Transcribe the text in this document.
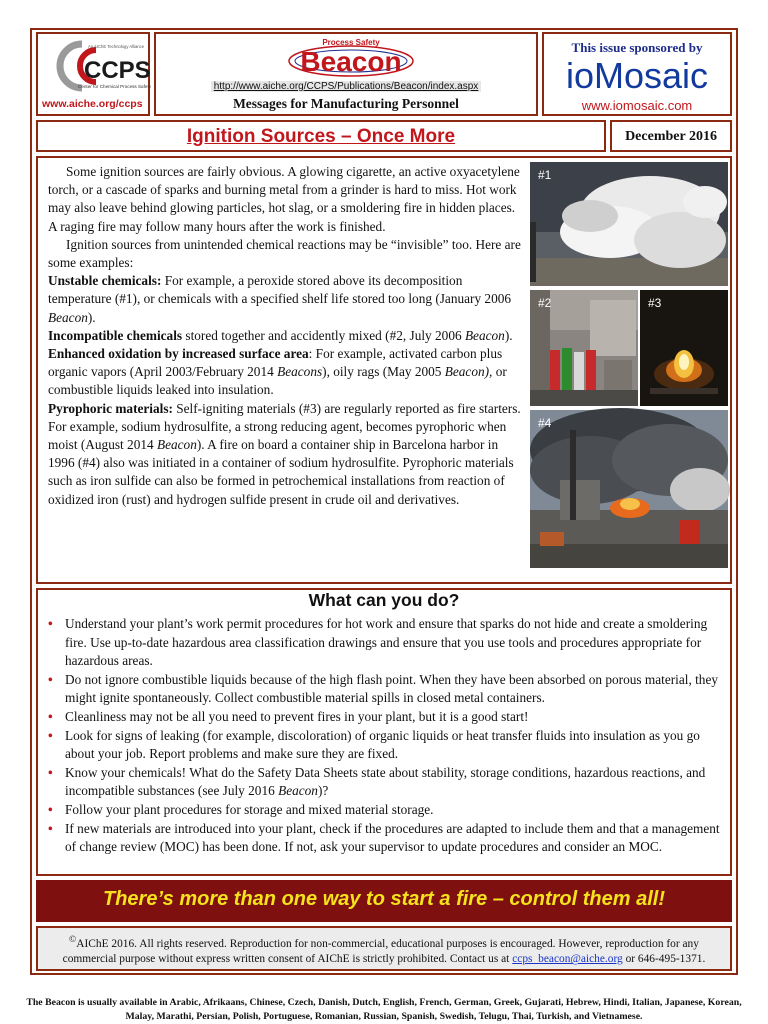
An AIChE Technology Alliance
CCPS
Center for Chemical Process Safety
www.aiche.org/ccps
Process Safety
Beacon
http://www.aiche.org/CCPS/Publications/Beacon/index.aspx
Messages for Manufacturing Personnel
This issue sponsored by
ioMosaic
www.iomosaic.com
Ignition Sources – Once More	December 2016

Some ignition sources are fairly obvious. A glowing cigarette, an active oxyacetylene torch, or a cascade of sparks and burning metal from a grinder is hard to miss. Hot work may also leave behind glowing particles, hot slag, or a smoldering fire in hidden places. A raging fire may follow many hours after the work is finished.

Ignition sources from unintended chemical reactions may be “invisible” too. Here are some examples:

Unstable chemicals: For example, a peroxide stored above its decomposition temperature (#1), or chemicals with a specified shelf life stored too long (January 2006 Beacon).

Incompatible chemicals stored together and accidently mixed (#2, July 2006 Beacon).

Enhanced oxidation by increased surface area: For example, activated carbon plus organic vapors (April 2003/February 2014 Beacons), oily rags (May 2005 Beacon), or combustible liquids leaked into insulation.

Pyrophoric materials: Self-igniting materials (#3) are regularly reported as fire starters. For example, sodium hydrosulfite, a strong reducing agent, becomes pyrophoric when moist (August 2014 Beacon). A fire on board a container ship in Barcelona harbor in 1996 (#4) also was initiated in a container of sodium hydrosulfite. Pyrophoric materials such as iron sulfide can also be formed in petrochemical installations from reaction of oxidized iron (rust) and hydrogen sulfide present in crude oil and derivatives.

#1
#2	#3
#4
What can you do?
• Understand your plant’s work permit procedures for hot work and ensure that sparks do not hide and create a smoldering fire. Use up-to-date hazardous area classification drawings and ensure that you use tools and procedures appropriate for hazardous areas.
• Do not ignore combustible liquids because of the high flash point. When they have been absorbed on porous material, they might ignite spontaneously. Collect combustible material spills in closed metal containers.
• Cleanliness may not be all you need to prevent fires in your plant, but it is a good start!
• Look for signs of leaking (for example, discoloration) of organic liquids or heat transfer fluids into insulation as you go about your job. Report problems and make sure they are fixed.
• Know your chemicals! What do the Safety Data Sheets state about stability, storage conditions, hazardous reactions, and incompatible substances (see July 2016 Beacon)?
• Follow your plant procedures for storage and mixed material storage.
• If new materials are introduced into your plant, check if the procedures are adapted to include them and that a management of change review (MOC) has been done. If not, ask your supervisor to update procedures and consider an MOC.
There’s more than one way to start a fire – control them all!
©AIChE 2016. All rights reserved. Reproduction for non-commercial, educational purposes is encouraged. However, reproduction for any commercial purpose without express written consent of AIChE is strictly prohibited. Contact us at ccps_beacon@aiche.org or 646-495-1371.
The Beacon is usually available in Arabic, Afrikaans, Chinese, Czech, Danish, Dutch, English, French, German, Greek, Gujarati, Hebrew, Hindi, Italian, Japanese, Korean, Malay, Marathi, Persian, Polish, Portuguese, Romanian, Russian, Spanish, Swedish, Telugu, Thai, Turkish, and Vietnamese.
